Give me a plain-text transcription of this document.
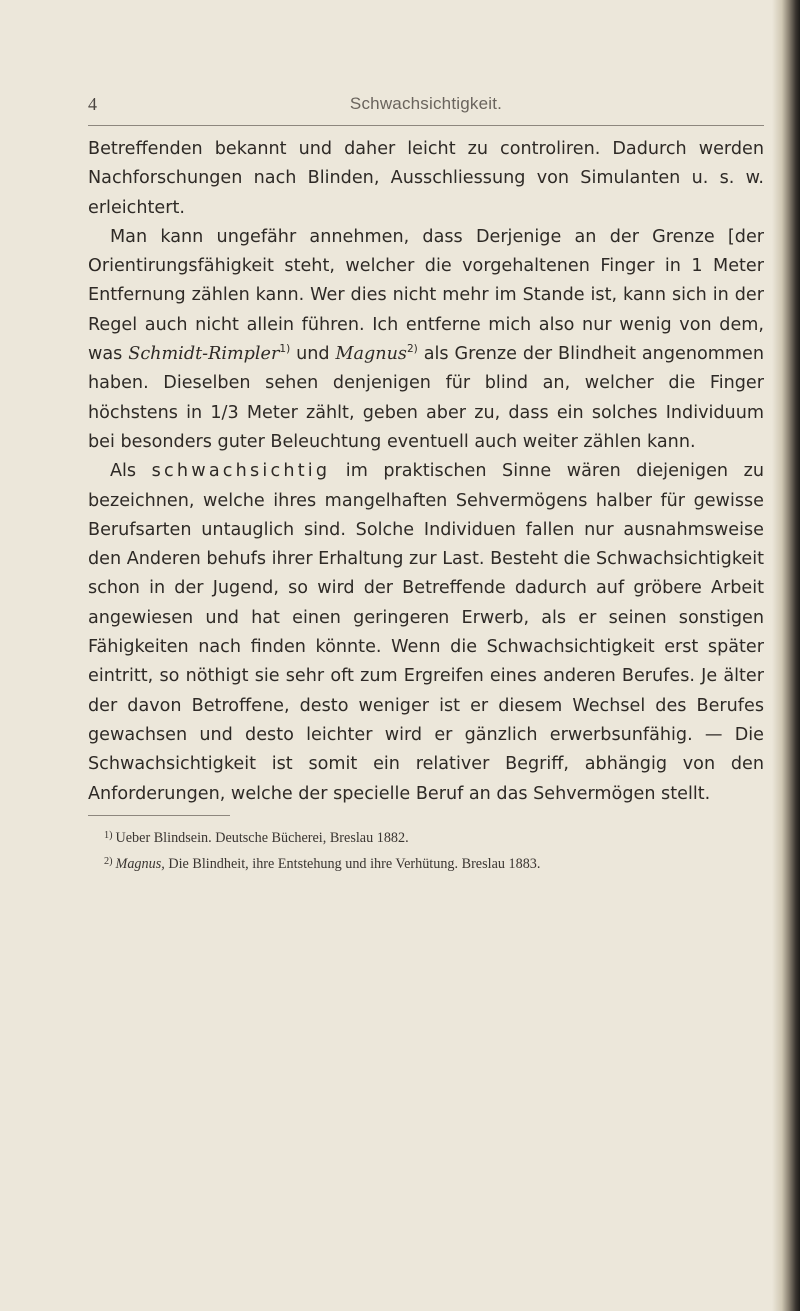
4	Schwachsichtigkeit.

Betreffenden bekannt und daher leicht zu controliren. Dadurch werden Nachforschungen nach Blinden, Ausschliessung von Simulanten u. s. w. erleichtert.

Man kann ungefähr annehmen, dass Derjenige an der Grenze [der Orientirungsfähigkeit steht, welcher die vorgehaltenen Finger in 1 Meter Entfernung zählen kann. Wer dies nicht mehr im Stande ist, kann sich in der Regel auch nicht allein führen. Ich entferne mich also nur wenig von dem, was Schmidt-Rimpler$^{1)}$ und Magnus$^{2)}$ als Grenze der Blindheit angenommen haben. Dieselben sehen denjenigen für blind an, welcher die Finger höchstens in 1/3 Meter zählt, geben aber zu, dass ein solches Individuum bei besonders guter Beleuchtung eventuell auch weiter zählen kann.

Als schwachsichtig im praktischen Sinne wären diejenigen zu bezeichnen, welche ihres mangelhaften Sehvermögens halber für gewisse Berufsarten untauglich sind. Solche Individuen fallen nur ausnahmsweise den Anderen behufs ihrer Erhaltung zur Last. Besteht die Schwachsichtigkeit schon in der Jugend, so wird der Betreffende dadurch auf gröbere Arbeit angewiesen und hat einen geringeren Erwerb, als er seinen sonstigen Fähigkeiten nach finden könnte. Wenn die Schwachsichtigkeit erst später eintritt, so nöthigt sie sehr oft zum Ergreifen eines anderen Berufes. Je älter der davon Betroffene, desto weniger ist er diesem Wechsel des Berufes gewachsen und desto leichter wird er gänzlich erwerbsunfähig. — Die Schwachsichtigkeit ist somit ein relativer Begriff, abhängig von den Anforderungen, welche der specielle Beruf an das Sehvermögen stellt.

$^{1)}$ Ueber Blindsein. Deutsche Bücherei, Breslau 1882.
$^{2)}$ Magnus, Die Blindheit, ihre Entstehung und ihre Verhütung. Breslau 1883.
